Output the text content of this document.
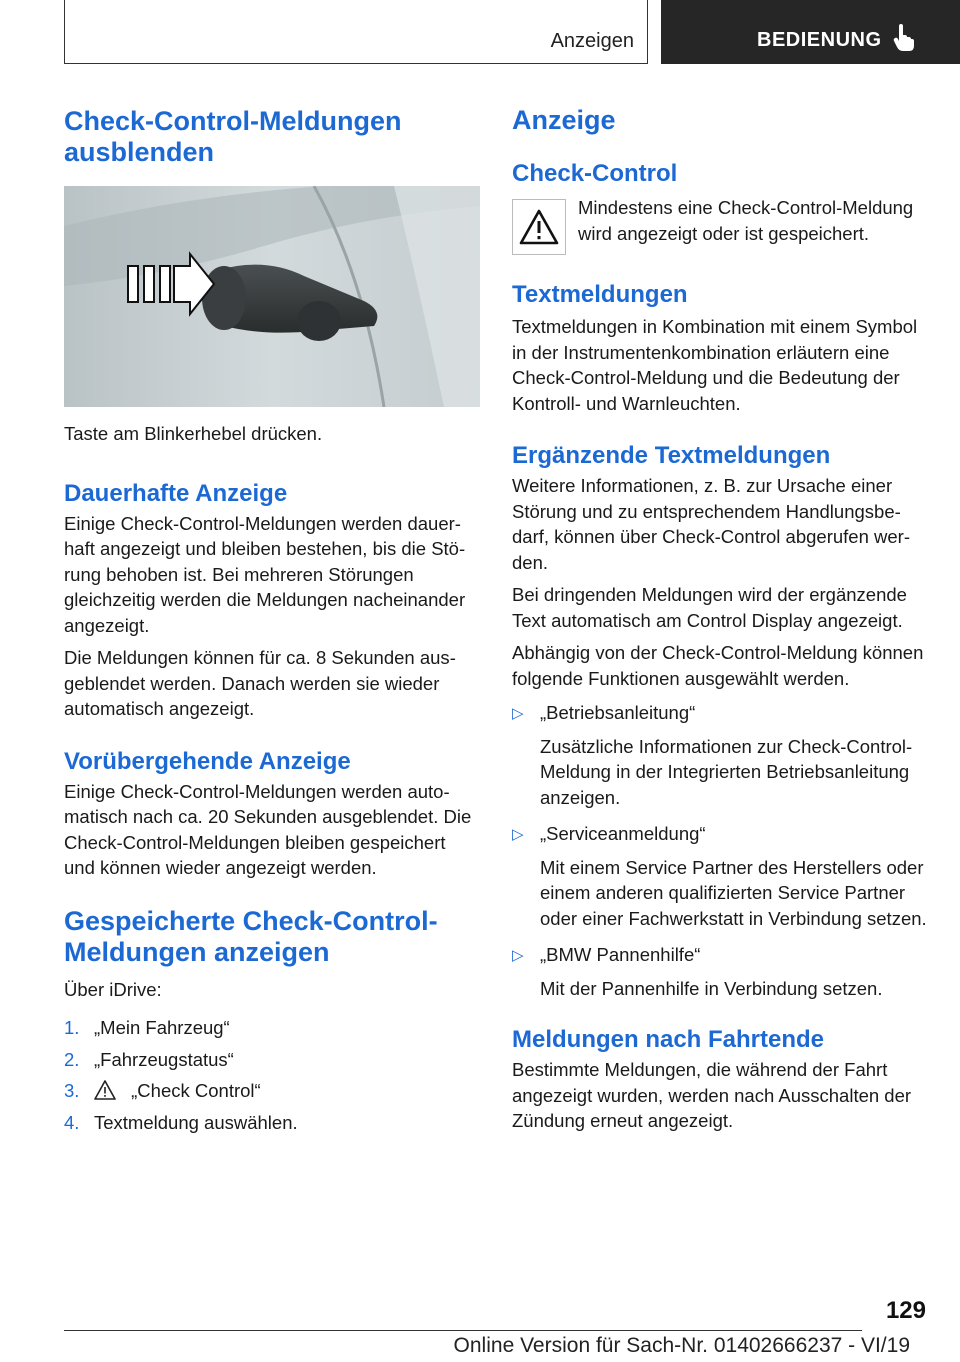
Anzeigen	BEDIENUNG
Check-Control-Meldungen ausblenden

Taste am Blinkerhebel drücken.

Dauerhafte Anzeige

Einige Check-Control-Meldungen werden dauerhaft angezeigt und bleiben bestehen, bis die Störung behoben ist. Bei mehreren Störungen gleichzeitig werden die Meldungen nacheinander angezeigt.

Die Meldungen können für ca. 8 Sekunden ausgeblendet werden. Danach werden sie wieder automatisch angezeigt.

Vorübergehende Anzeige

Einige Check-Control-Meldungen werden automatisch nach ca. 20 Sekunden ausgeblendet. Die Check-Control-Meldungen bleiben gespeichert und können wieder angezeigt werden.

Gespeicherte Check-Control-Meldungen anzeigen

Über iDrive:

1. „Mein Fahrzeug“
2. „Fahrzeugstatus“
3.	„Check Control“
4. Textmeldung auswählen.
Anzeige
Check-Control

Mindestens eine Check-Control-Meldung wird angezeigt oder ist gespeichert.

Textmeldungen

Textmeldungen in Kombination mit einem Symbol in der Instrumentenkombination erläutern eine Check-Control-Meldung und die Bedeutung der Kontroll- und Warnleuchten.

Ergänzende Textmeldungen

Weitere Informationen, z. B. zur Ursache einer Störung und zu entsprechendem Handlungsbedarf, können über Check-Control abgerufen werden.

Bei dringenden Meldungen wird der ergänzende Text automatisch am Control Display angezeigt.

Abhängig von der Check-Control-Meldung können folgende Funktionen ausgewählt werden.

▷ „Betriebsanleitung“

Zusätzliche Informationen zur Check-Control-Meldung in der Integrierten Betriebsanleitung anzeigen.

▷ „Serviceanmeldung“

Mit einem Service Partner des Herstellers oder einem anderen qualifizierten Service Partner oder einer Fachwerkstatt in Verbindung setzen.

▷ „BMW Pannenhilfe“

Mit der Pannenhilfe in Verbindung setzen.

Meldungen nach Fahrtende

Bestimmte Meldungen, die während der Fahrt angezeigt wurden, werden nach Ausschalten der Zündung erneut angezeigt.

129
Online Version für Sach-Nr. 01402666237 - VI/19
